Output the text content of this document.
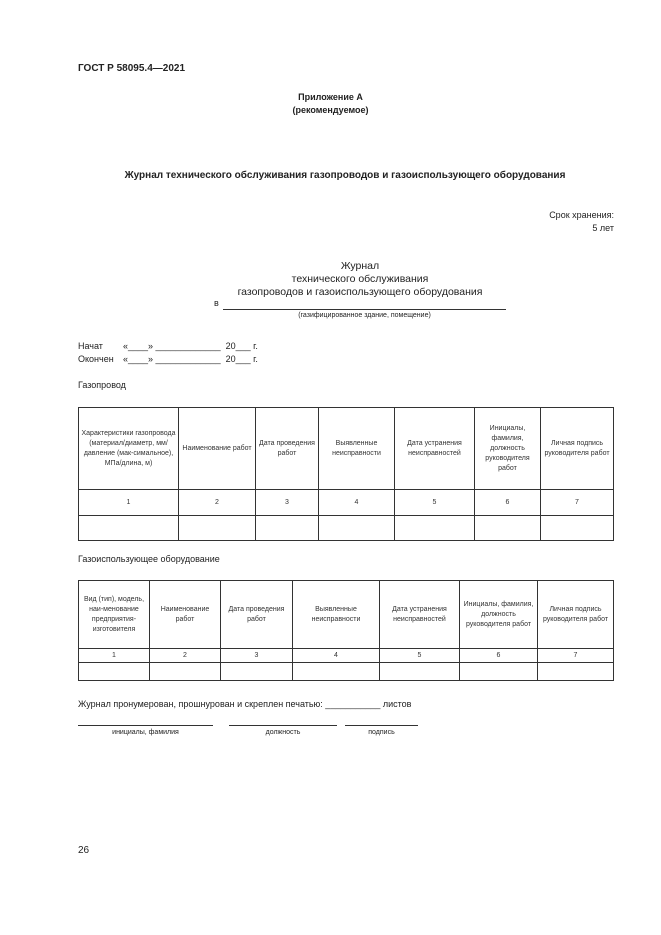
ГОСТ Р 58095.4—2021
Приложение А
(рекомендуемое)
Журнал технического обслуживания газопроводов и газоиспользующего оборудования
Срок хранения:
5 лет
Журнал
технического обслуживания
газопроводов и газоиспользующего оборудования
в
(газифицированное здание, помещение)
Начат «____» _____________  20___ г.
Окончен «____» _____________  20___ г.
Газопровод
Характеристики газопровода (материал/диаметр, мм/давление (мак-симальное), МПа/длина, м)	Наименование работ	Дата проведения работ	Выявленные неисправности	Дата устранения неисправностей	Инициалы, фамилия, должность руководителя работ	Личная подпись руководителя работ
1	2	3	4	5	6	7

Газоиспользующее оборудование
Вид (тип), модель, наи-менование предприятия-изготовителя	Наименование работ	Дата проведения работ	Выявленные неисправности	Дата устранения неисправностей	Инициалы, фамилия, должность руководителя работ	Личная подпись руководителя работ
1	2	3	4	5	6	7

Журнал пронумерован, прошнурован и скреплен печатью: ___________ листов
инициалы, фамилия	должность	подпись
26
